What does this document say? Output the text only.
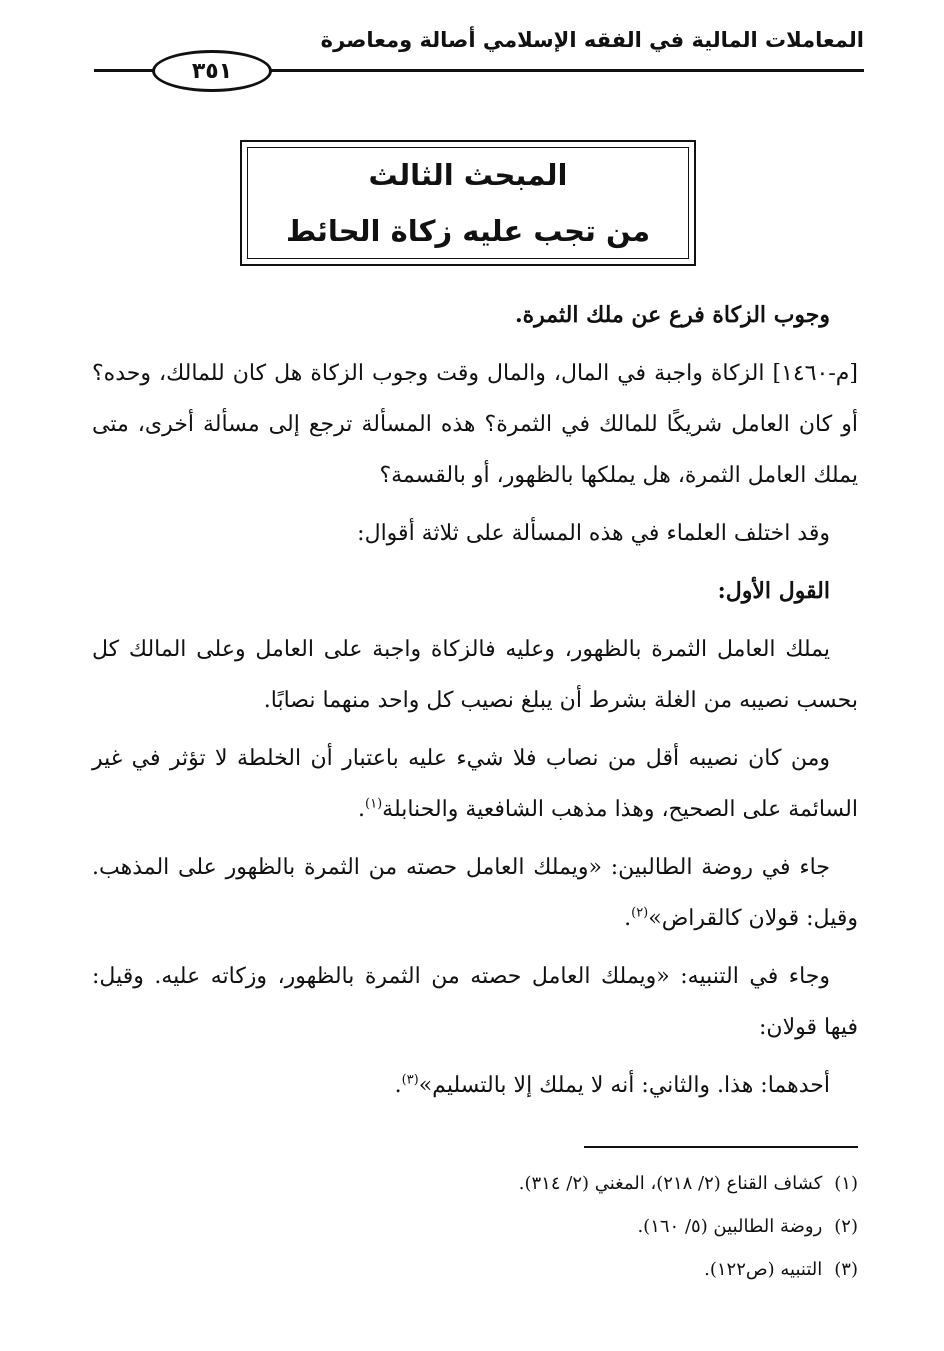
المعاملات المالية في الفقه الإسلامي أصالة ومعاصرة
٣٥١
المبحث الثالث
من تجب عليه زكاة الحائط

وجوب الزكاة فرع عن ملك الثمرة.

[م-١٤٦٠] الزكاة واجبة في المال، والمال وقت وجوب الزكاة هل كان للمالك، وحده؟ أو كان العامل شريكًا للمالك في الثمرة؟ هذه المسألة ترجع إلى مسألة أخرى، متى يملك العامل الثمرة، هل يملكها بالظهور، أو بالقسمة؟

وقد اختلف العلماء في هذه المسألة على ثلاثة أقوال:

القول الأول:

يملك العامل الثمرة بالظهور، وعليه فالزكاة واجبة على العامل وعلى المالك كل بحسب نصيبه من الغلة بشرط أن يبلغ نصيب كل واحد منهما نصابًا.

ومن كان نصيبه أقل من نصاب فلا شيء عليه باعتبار أن الخلطة لا تؤثر في غير السائمة على الصحيح، وهذا مذهب الشافعية والحنابلة$^{(١)}$.

جاء في روضة الطالبين: «ويملك العامل حصته من الثمرة بالظهور على المذهب. وقيل: قولان كالقراض»$^{(٢)}$.

وجاء في التنبيه: «ويملك العامل حصته من الثمرة بالظهور، وزكاته عليه. وقيل: فيها قولان:

أحدهما: هذا. والثاني: أنه لا يملك إلا بالتسليم»$^{(٣)}$.

(١)كشاف القناع (٢/ ٢١٨)، المغني (٢/ ٣١٤).
(٢)روضة الطالبين (٥/ ١٦٠).
(٣)التنبيه (ص١٢٢).
